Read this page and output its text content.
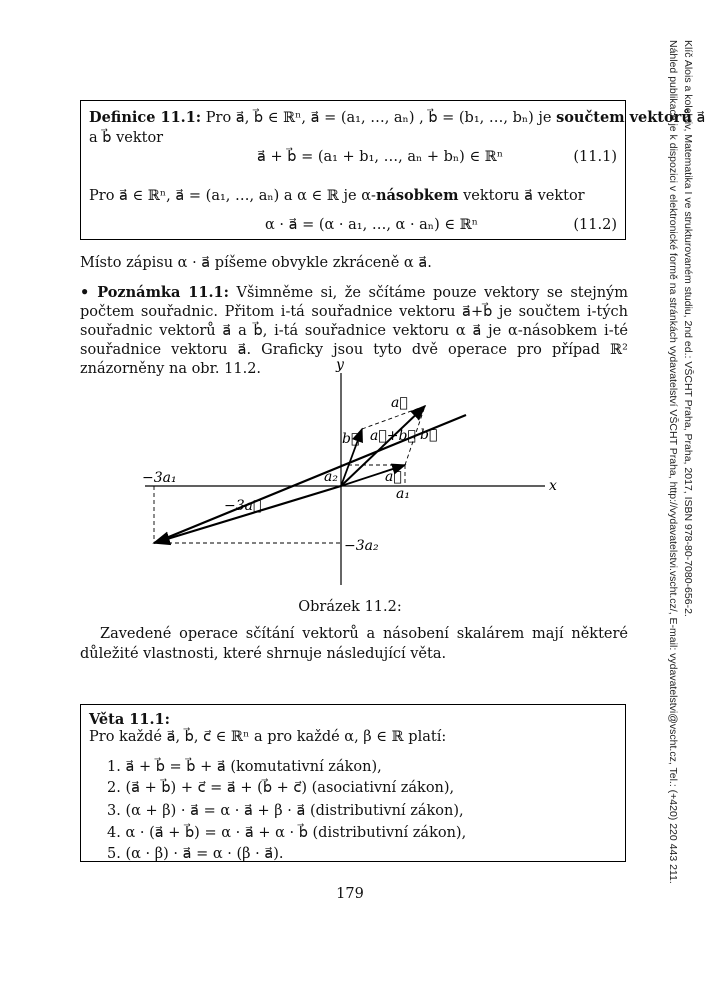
Klíč Alois a kolektiv, Matematika I ve strukturovaném studiu, 2nd ed.: VŠCHT Praha, Praha, 2017, ISBN 978-80-7080-656-2.
Náhled publikace je k dispozici v elektronické formě na stránkách vydavatelství VŠCHT Praha, http://vydavatelstvi.vscht.cz/, E-mail: vydavatelstvi@vscht.cz, Tel.: (+420) 220 443 211.
Definice 11.1: Pro a⃗, b⃗ ∈ ℝⁿ, a⃗ = (a₁, …, aₙ) , b⃗ = (b₁, …, bₙ) je součtem vektorů a⃗
a b⃗ vektor
a⃗ + b⃗ = (a₁ + b₁, …, aₙ + bₙ) ∈ ℝⁿ	(11.1)
Pro a⃗ ∈ ℝⁿ, a⃗ = (a₁, …, aₙ) a α ∈ ℝ je α-násobkem vektoru a⃗ vektor
α · a⃗ = (α · a₁, …, α · aₙ) ∈ ℝⁿ	(11.2)
Místo zápisu α · a⃗ píšeme obvykle zkráceně α a⃗.
• Poznámka 11.1: Všimněme si, že sčítáme pouze vektory se stejným počtem souřadnic. Přitom i-tá souřadnice vektoru a⃗+b⃗ je součtem i-tých souřadnic vektorů a⃗ a b⃗, i-tá souřadnice vektoru α a⃗ je α-násobkem i-té souřadnice vektoru a⃗. Graficky jsou tyto dvě operace pro případ ℝ² znázorněny na obr. 11.2.	y
x
a⃗
b⃗ a⃗+b⃗ b⃗
a⃗
a₂
a₁
−3a₁
−3a⃗
−3a₂
Obrázek 11.2:
Zavedené operace sčítání vektorů a násobení skalárem mají některé důležité vlastnosti, které shrnuje následující věta.
Věta 11.1:
Pro každé a⃗, b⃗, c⃗ ∈ ℝⁿ a pro každé α, β ∈ ℝ platí:
1. a⃗ + b⃗ = b⃗ + a⃗ (komutativní zákon),
2. (a⃗ + b⃗) + c⃗ = a⃗ + (b⃗ + c⃗) (asociativní zákon),
3. (α + β) · a⃗ = α · a⃗ + β · a⃗ (distributivní zákon),
4. α · (a⃗ + b⃗) = α · a⃗ + α · b⃗ (distributivní zákon),
5. (α · β) · a⃗ = α · (β · a⃗).
179
